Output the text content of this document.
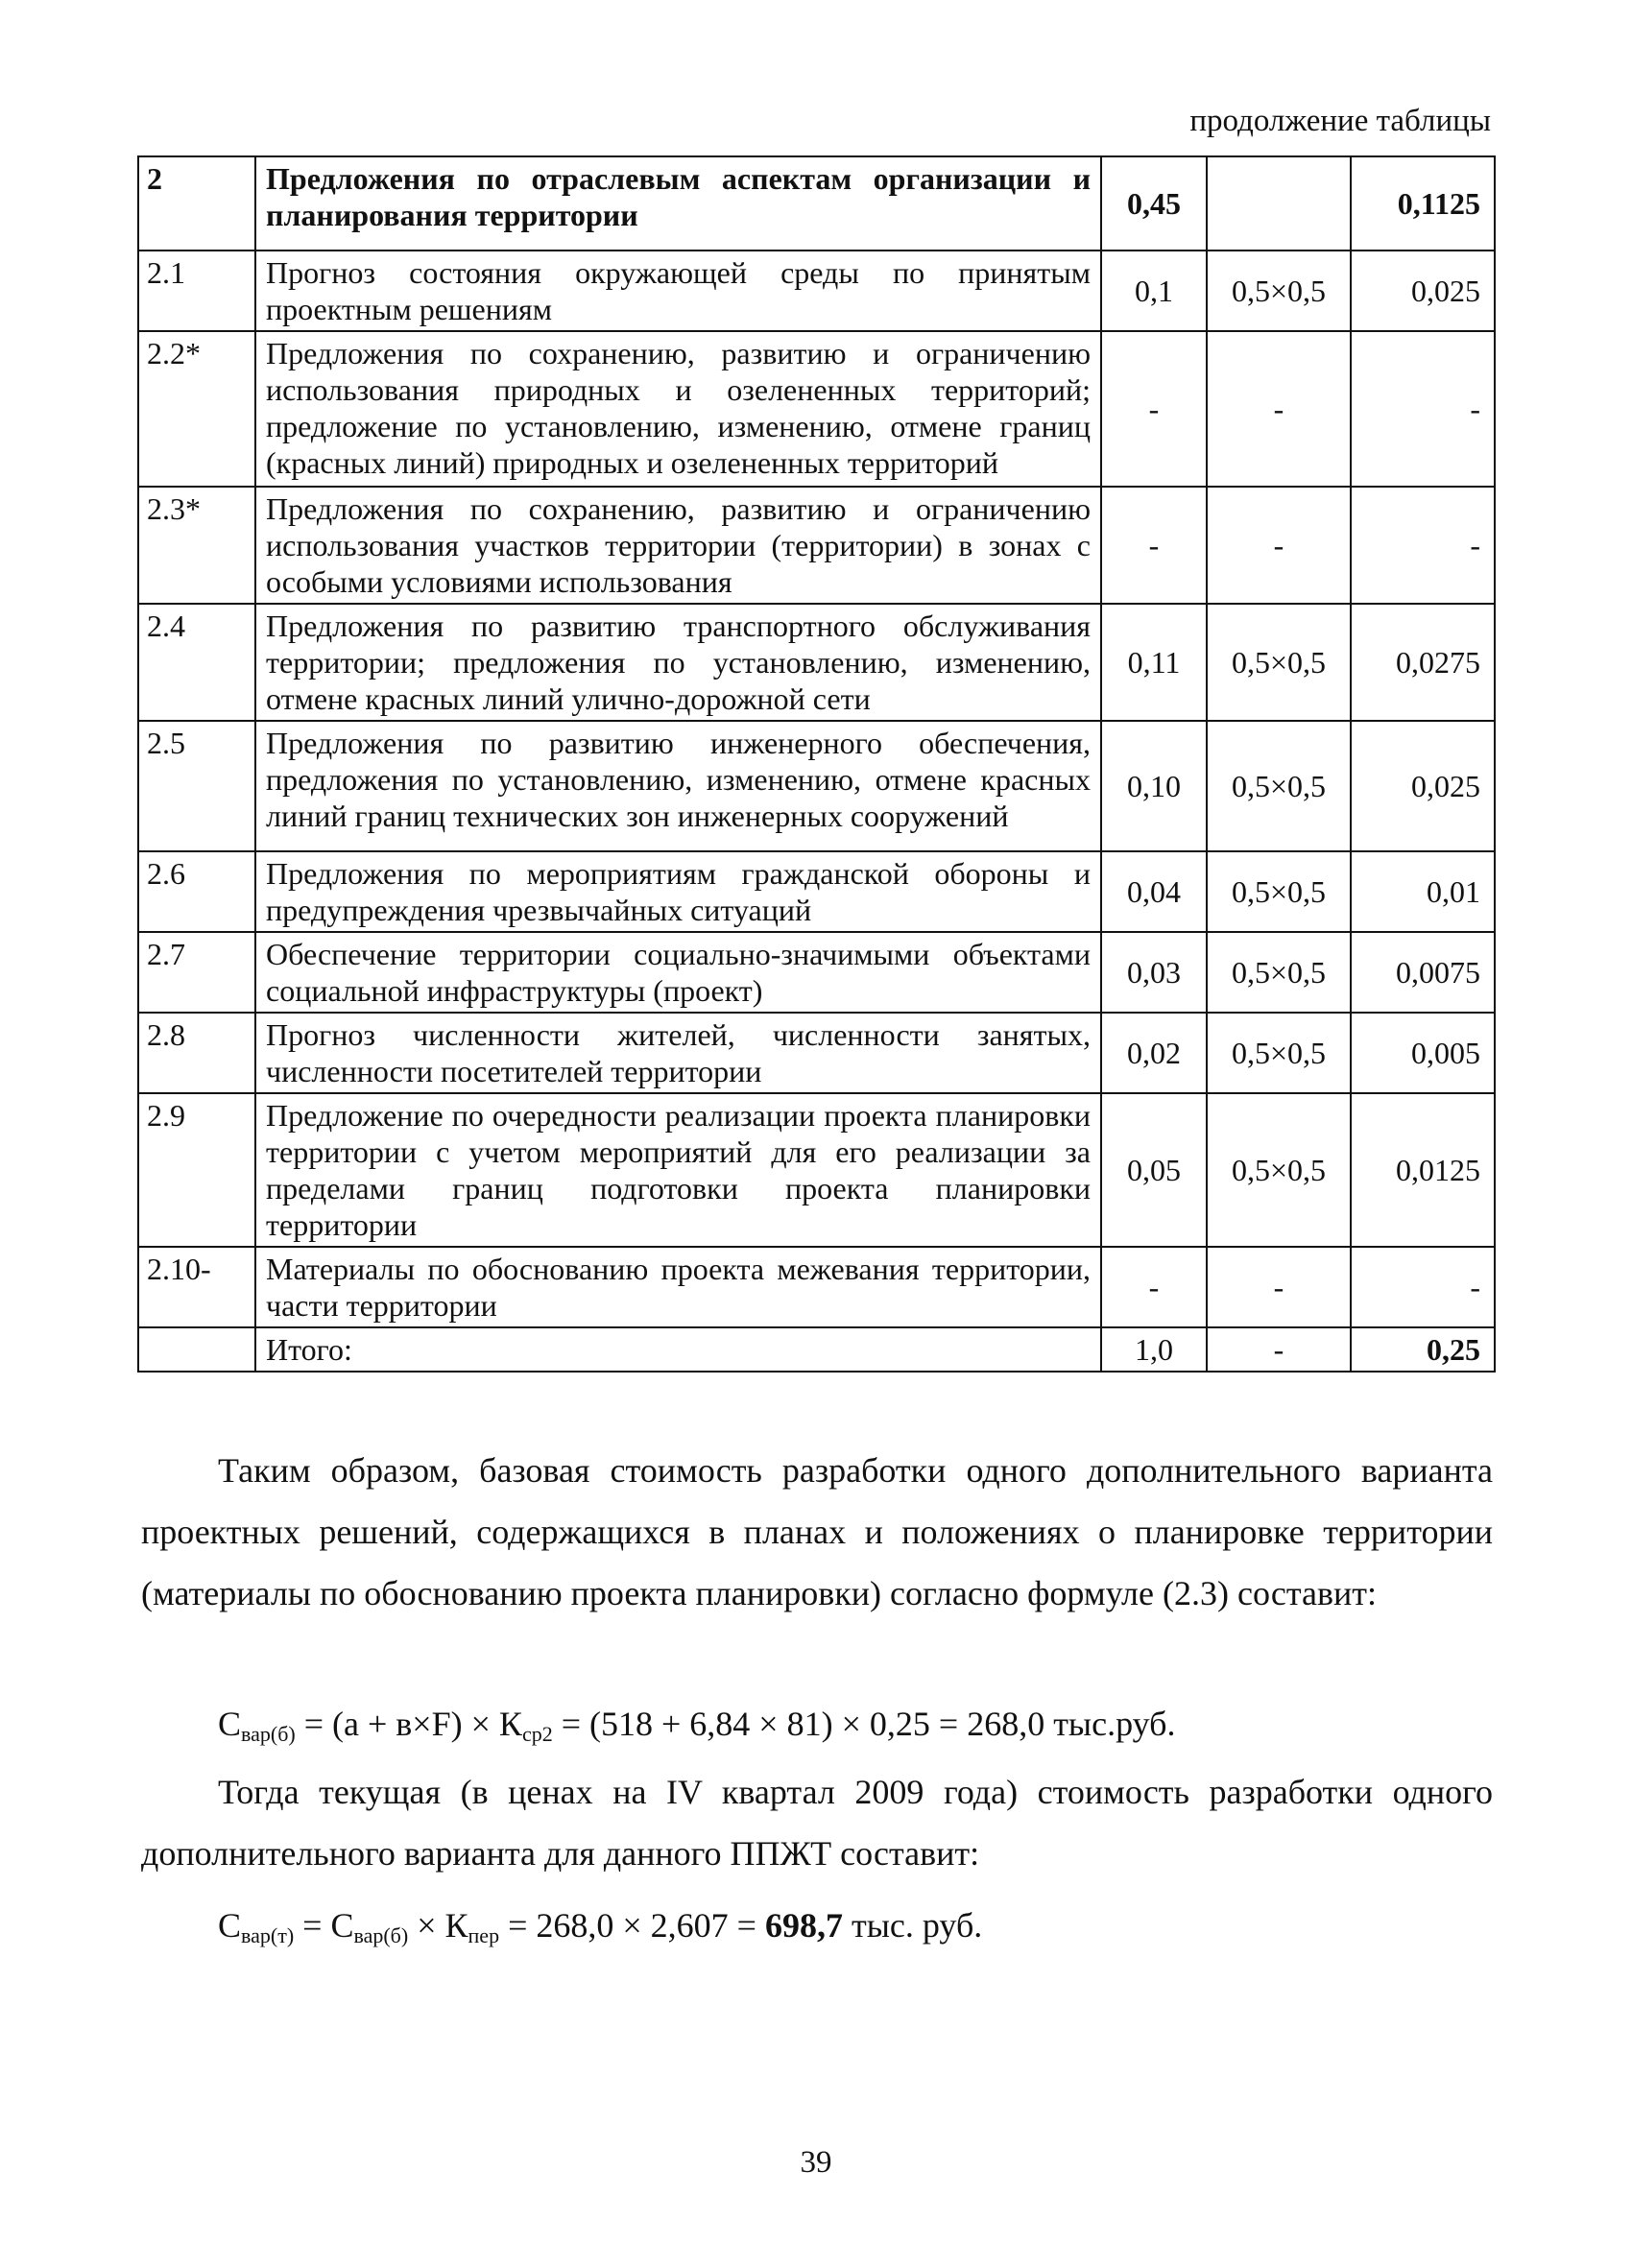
продолжение таблицы
2	Предложения по отраслевым аспектам организации и планирования территории	0,45		0,1125
2.1	Прогноз состояния окружающей среды по принятым проектным решениям	0,1	0,5×0,5	0,025
2.2*	Предложения по сохранению, развитию и ограничению использования природных и озелененных территорий; предложение по установлению, изменению, отмене границ (красных линий) природных и озелененных территорий	-	-	-
2.3*	Предложения по сохранению, развитию и ограничению использования участков территории (территории) в зонах с особыми условиями использования	-	-	-
2.4	Предложения по развитию транспортного обслуживания территории; предложения по установлению, изменению, отмене красных линий улично-дорожной сети	0,11	0,5×0,5	0,0275
2.5	Предложения по развитию инженерного обеспечения, предложения по установлению, изменению, отмене красных линий границ технических зон инженерных сооружений	0,10	0,5×0,5	0,025
2.6	Предложения по мероприятиям гражданской обороны и предупреждения чрезвычайных ситуаций	0,04	0,5×0,5	0,01
2.7	Обеспечение территории социально-значимыми объектами социальной инфраструктуры (проект)	0,03	0,5×0,5	0,0075
2.8	Прогноз численности жителей, численности занятых, численности посетителей территории	0,02	0,5×0,5	0,005
2.9	Предложение по очередности реализации проекта планировки территории с учетом мероприятий для его реализации за пределами границ подготовки проекта планировки территории	0,05	0,5×0,5	0,0125
2.10-	Материалы по обоснованию проекта межевания территории, части территории	-	-	-
	Итого:	1,0	-	0,25
Таким образом, базовая стоимость разработки одного дополнительного варианта проектных решений, содержащихся в планах и положениях о планировке территории (материалы по обоснованию проекта планировки) согласно формуле (2.3) составит:
$С_{вар(б)} = (а + в\times F) \times К_{ср2} = (518 + 6,84 \times 81) \times 0,25 = 268,0$ тыс.руб.
Тогда текущая (в ценах на IV квартал 2009 года) стоимость разработки одного дополнительного варианта для данного ППЖТ составит:
$С_{вар(т)} = С_{вар(б)} \times К_{пер} = 268,0 \times 2,607 = 698,7$ тыс. руб.
39
